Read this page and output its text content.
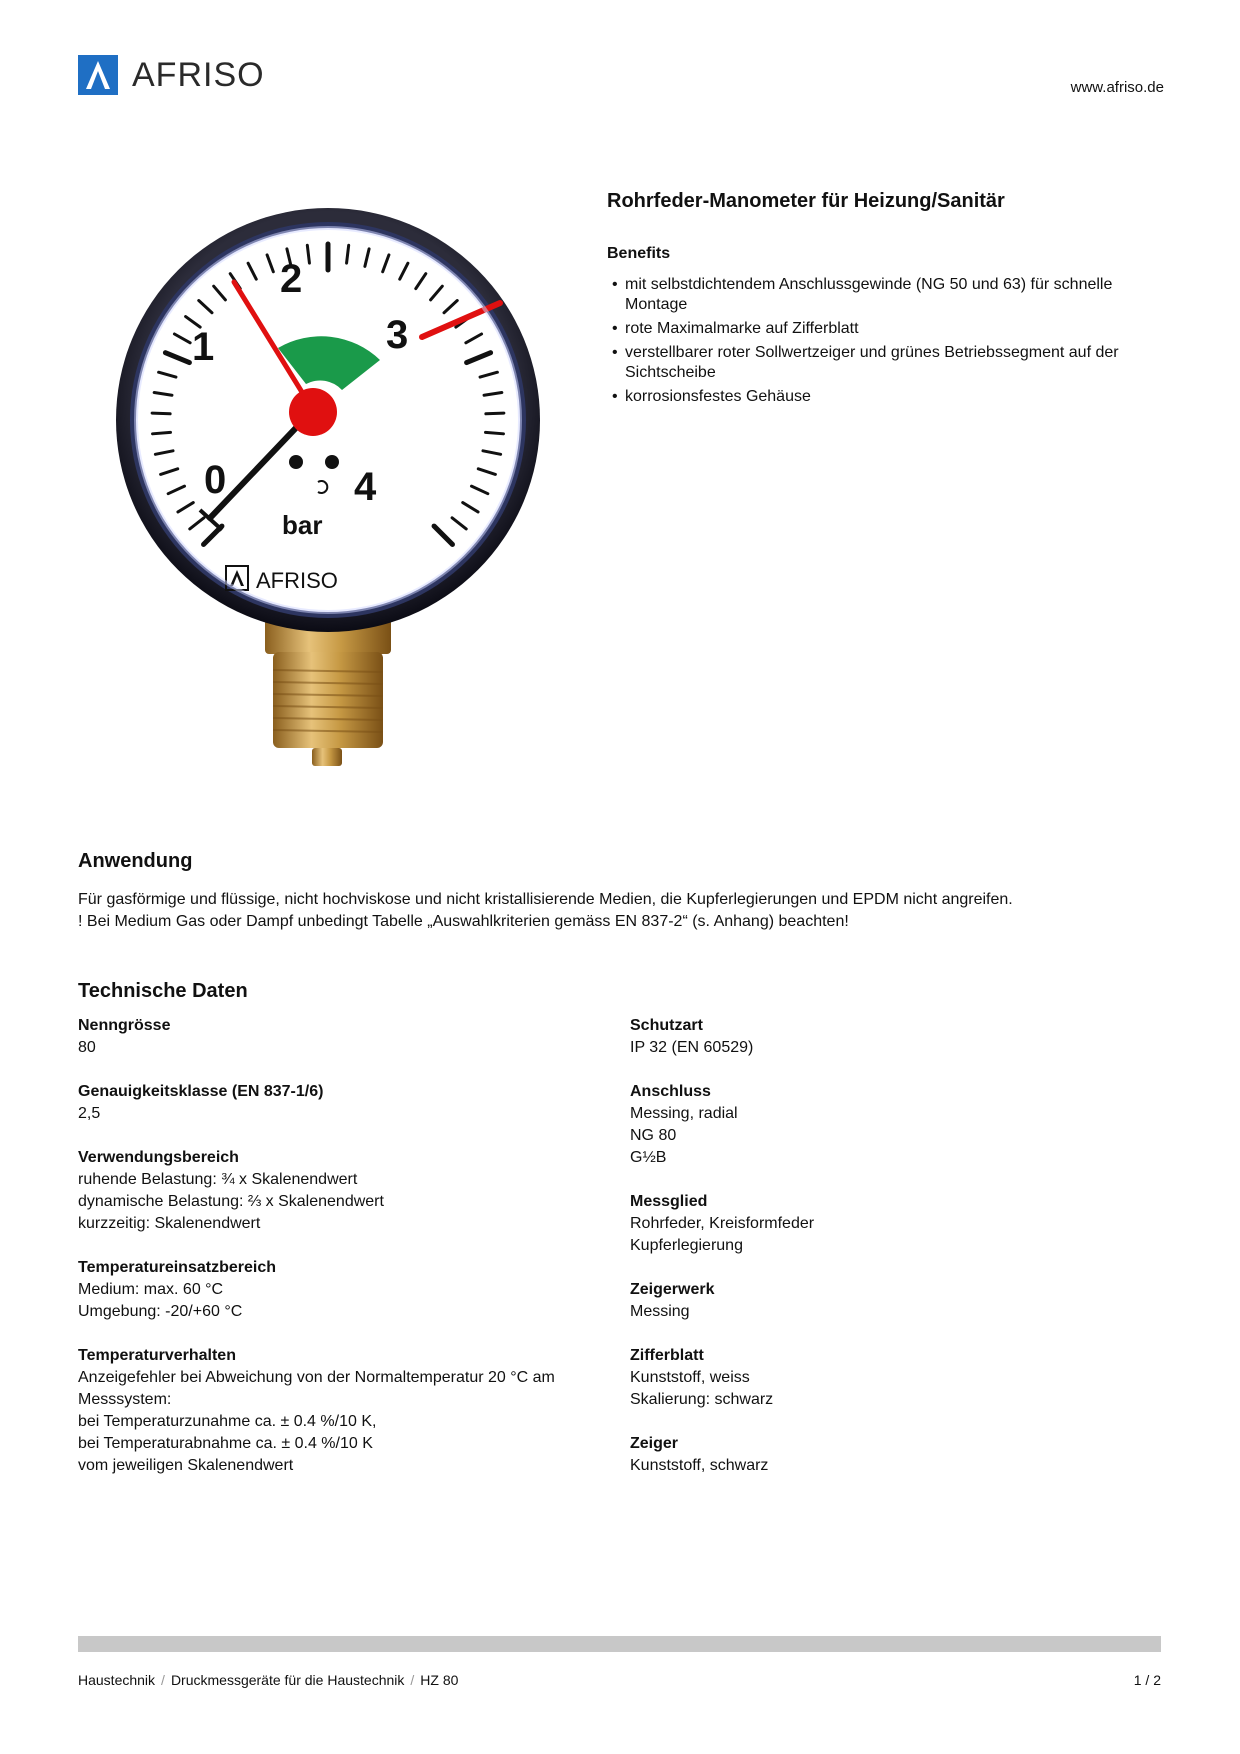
AFRISO	www.afriso.de
0
1
2
3
4
bar
AFRISO
Rohrfeder-Manometer für Heizung/Sanitär
Benefits
• mit selbstdichtendem Anschlussgewinde (NG 50 und 63) für schnelle Montage
• rote Maximalmarke auf Zifferblatt
• verstellbarer roter Sollwertzeiger und grünes Betriebssegment auf der Sichtscheibe
• korrosionsfestes Gehäuse
Anwendung
Für gasförmige und flüssige, nicht hochviskose und nicht kristallisierende Medien, die Kupferlegierungen und EPDM nicht angreifen.
! Bei Medium Gas oder Dampf unbedingt Tabelle „Auswahlkriterien gemäss EN 837-2“ (s. Anhang) beachten!
Technische Daten
Nenngrösse
80
Genauigkeitsklasse (EN 837-1/6)
2,5
Verwendungsbereich
ruhende Belastung: ¾ x Skalenendwert
dynamische Belastung: ⅔ x Skalenendwert
kurzzeitig: Skalenendwert
Temperatureinsatzbereich
Medium: max. 60 °C
Umgebung: -20/+60 °C
Temperaturverhalten
Anzeigefehler bei Abweichung von der Normaltemperatur 20 °C am Messsystem:
bei Temperaturzunahme ca. ± 0.4 %/10 K,
bei Temperaturabnahme ca. ± 0.4 %/10 K
vom jeweiligen Skalenendwert
Schutzart
IP 32 (EN 60529)
Anschluss
Messing, radial
NG 80
G½B
Messglied
Rohrfeder, Kreisformfeder
Kupferlegierung
Zeigerwerk
Messing
Zifferblatt
Kunststoff, weiss
Skalierung: schwarz
Zeiger
Kunststoff, schwarz
Haustechnik / Druckmessgeräte für die Haustechnik / HZ 80	1 / 2
